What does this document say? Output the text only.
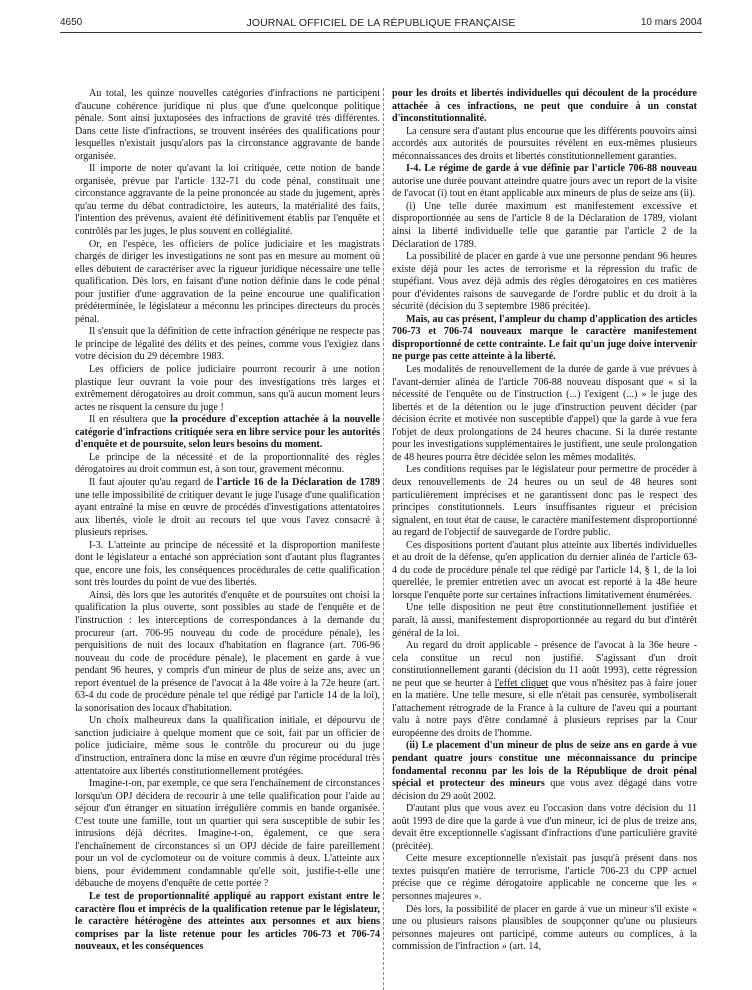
4650	JOURNAL OFFICIEL DE LA RÉPUBLIQUE FRANÇAISE	10 mars 2004

Au total, les quinze nouvelles catégories d'infractions ne participent d'aucune cohérence juridique ni plus que d'une quelconque politique pénale. Sont ainsi juxtaposées des infractions de gravité très différentes. Dans cette liste d'infractions, se trouvent insérées des qualifications pour lesquelles n'existait jusqu'alors pas la circonstance aggravante de bande organisée.

Il importe de noter qu'avant la loi critiquée, cette notion de bande organisée, prévue par l'article 132-71 du code pénal, constituait une circonstance aggravante de la peine prononcée au stade du jugement, après qu'au terme du débat contradictoire, les auteurs, la matérialité des faits, l'intention des prévenus, avaient été définitivement établis par l'enquête et contrôlés par les juges, le plus souvent en collégialité.

Or, en l'espèce, les officiers de police judiciaire et les magistrats chargés de diriger les investigations ne sont pas en mesure au moment où elles débutent de caractériser avec la rigueur juridique nécessaire une telle qualification. Dès lors, en faisant d'une notion définie dans le code pénal pour justifier d'une aggravation de la peine encourue une qualification prédéterminée, le législateur a méconnu les principes directeurs du procès pénal.

Il s'ensuit que la définition de cette infraction générique ne respecte pas le principe de légalité des délits et des peines, comme vous l'exigiez dans votre décision du 29 décembre 1983.

Les officiers de police judiciaire pourront recourir à une notion plastique leur ouvrant la voie pour des investigations très larges et extrêmement dérogatoires au droit commun, sans qu'à aucun moment leurs actes ne risquent la censure du juge !

Il en résultera que la procédure d'exception attachée à la nouvelle catégorie d'infractions critiquée sera en libre service pour les autorités d'enquête et de poursuite, selon leurs besoins du moment.

Le principe de la nécessité et de la proportionnalité des règles dérogatoires au droit commun est, à son tour, gravement méconnu.

Il faut ajouter qu'au regard de l'article 16 de la Déclaration de 1789 une telle impossibilité de critiquer devant le juge l'usage d'une qualification ayant entraîné la mise en œuvre de procédés d'investigations attentatoires aux libertés, viole le droit au recours tel que vous l'avez consacré à plusieurs reprises.

I-3. L'atteinte au principe de nécessité et la disproportion manifeste dont le législateur a entaché son appréciation sont d'autant plus flagrantes que, encore une fois, les conséquences procédurales de cette qualification sont très lourdes du point de vue des libertés.

Ainsi, dès lors que les autorités d'enquête et de poursuites ont choisi la qualification la plus ouverte, sont possibles au stade de l'enquête et de l'instruction : les interceptions de correspondances à la demande du procureur (art. 706-95 nouveau du code de procédure pénale), les perquisitions de nuit des locaux d'habitation en flagrance (art. 706-96 nouveau du code de procédure pénale), le placement en garde à vue pendant 96 heures, y compris d'un mineur de plus de seize ans, avec un report éventuel de la présence de l'avocat à la 48e voire à la 72e heure (art. 63-4 du code de procédure pénale tel que rédigé par l'article 14 de la loi), la sonorisation des locaux d'habitation.

Un choix malheureux dans la qualification initiale, et dépourvu de sanction judiciaire à quelque moment que ce soit, fait par un officier de police judiciaire, même sous le contrôle du procureur ou du juge d'instruction, entraînera donc la mise en œuvre d'un régime procédural très attentatoire aux libertés constitutionnellement protégées.

Imagine-t-on, par exemple, ce que sera l'enchaînement de circonstances lorsqu'un OPJ décidera de recourir à une telle qualification pour l'aide au séjour d'un étranger en situation irrégulière commis en bande organisée. C'est toute une famille, tout un quartier qui sera susceptible de subir les intrusions déjà décrites. Imagine-t-on, également, ce que sera l'enchaînement de circonstances si un OPJ décide de faire pareillement pour un vol de cyclomoteur ou de voiture commis à deux. L'atteinte aux biens, pour évidemment condamnable qu'elle soit, justifie-t-elle une débauche de moyens d'enquête de cette portée ?

Le test de proportionnalité appliqué au rapport existant entre le caractère flou et imprécis de la qualification retenue par le législateur, le caractère hétérogène des atteintes aux personnes et aux biens comprises par la liste retenue pour les articles 706-73 et 706-74 nouveaux, et les conséquences

pour les droits et libertés individuelles qui découlent de la procédure attachée à ces infractions, ne peut que conduire à un constat d'inconstitutionnalité.

La censure sera d'autant plus encourue que les différents pouvoirs ainsi accordés aux autorités de poursuites révèlent en eux-mêmes plusieurs méconnaissances des droits et libertés constitutionnellement garanties.

I-4. Le régime de garde à vue définie par l'article 706-88 nouveau autorise une durée pouvant atteindre quatre jours avec un report de la visite de l'avocat (i) tout en étant applicable aux mineurs de plus de seize ans (ii).

(i) Une telle durée maximum est manifestement excessive et disproportionnée au sens de l'article 8 de la Déclaration de 1789, violant ainsi la liberté individuelle telle que garantie par l'article 2 de la Déclaration de 1789.

La possibilité de placer en garde à vue une personne pendant 96 heures existe déjà pour les actes de terrorisme et la répression du trafic de stupéfiant. Vous avez déjà admis des règles dérogatoires en ces matières pour d'évidentes raisons de sauvegarde de l'ordre public et du droit à la sécurité (décision du 3 septembre 1986 précitée).

Mais, au cas présent, l'ampleur du champ d'application des articles 706-73 et 706-74 nouveaux marque le caractère manifestement disproportionné de cette contrainte. Le fait qu'un juge doive intervenir ne purge pas cette atteinte à la liberté.

Les modalités de renouvellement de la durée de garde à vue prévues à l'avant-dernier alinéa de l'article 706-88 nouveau disposant que « si la nécessité de l'enquête ou de l'instruction (...) l'exigent (...) » le juge des libertés et de la détention ou le juge d'instruction peuvent décider (par décision écrite et motivée non susceptible d'appel) que la garde à vue fera l'objet de deux prolongations de 24 heures chacune. Si la durée restante pour les investigations supplémentaires le justifient, une seule prolongation de 48 heures pourra être décidée selon les mêmes modalités.

Les conditions requises par le législateur pour permettre de procéder à deux renouvellements de 24 heures ou un seul de 48 heures sont particulièrement imprécises et ne garantissent donc pas le respect des principes constitutionnels. Leurs insuffisantes rigueur et précision signalent, en tout état de cause, le caractère manifestement disproportionné au regard de l'objectif de sauvegarde de l'ordre public.

Ces dispositions portent d'autant plus atteinte aux libertés individuelles et au droit de la défense, qu'en application du dernier alinéa de l'article 63-4 du code de procédure pénale tel que rédigé par l'article 14, § 1, de la loi querellée, le premier entretien avec un avocat est reporté à la 48e heure lorsque l'enquête porte sur certaines infractions limitativement énumérées.

Une telle disposition ne peut être constitutionnellement justifiée et paraît, là aussi, manifestement disproportionnée au regard du but d'intérêt général de la loi.

Au regard du droit applicable - présence de l'avocat à la 36e heure - cela constitue un recul non justifié. S'agissant d'un droit constitutionnellement garanti (décision du 11 août 1993), cette régression ne peut que se heurter à l'effet cliquet que vous n'hésitez pas à faire jouer en la matière. Une telle mesure, si elle n'était pas censurée, symboliserait l'attachement rétrograde de la France à la culture de l'aveu qui a pourtant valu à notre pays d'être condamné à plusieurs reprises par la Cour européenne des droits de l'homme.

(ii) Le placement d'un mineur de plus de seize ans en garde à vue pendant quatre jours constitue une méconnaissance du principe fondamental reconnu par les lois de la République de droit pénal spécial et protecteur des mineurs que vous avez dégagé dans votre décision du 29 août 2002.

D'autant plus que vous avez eu l'occasion dans votre décision du 11 août 1993 de dire que la garde à vue d'un mineur, ici de plus de treize ans, devait être exceptionnelle s'agissant d'infractions d'une particulière gravité (précitée).

Cette mesure exceptionnelle n'existait pas jusqu'à présent dans nos textes puisqu'en matière de terrorisme, l'article 706-23 du CPP actuel précise que ce régime dérogatoire applicable ne concerne que les « personnes majeures ».

Dès lors, la possibilité de placer en garde à vue un mineur s'il existe « une ou plusieurs raisons plausibles de soupçonner qu'une ou plusieurs personnes majeures ont participé, comme auteurs ou complices, à la commission de l'infraction » (art. 14,
